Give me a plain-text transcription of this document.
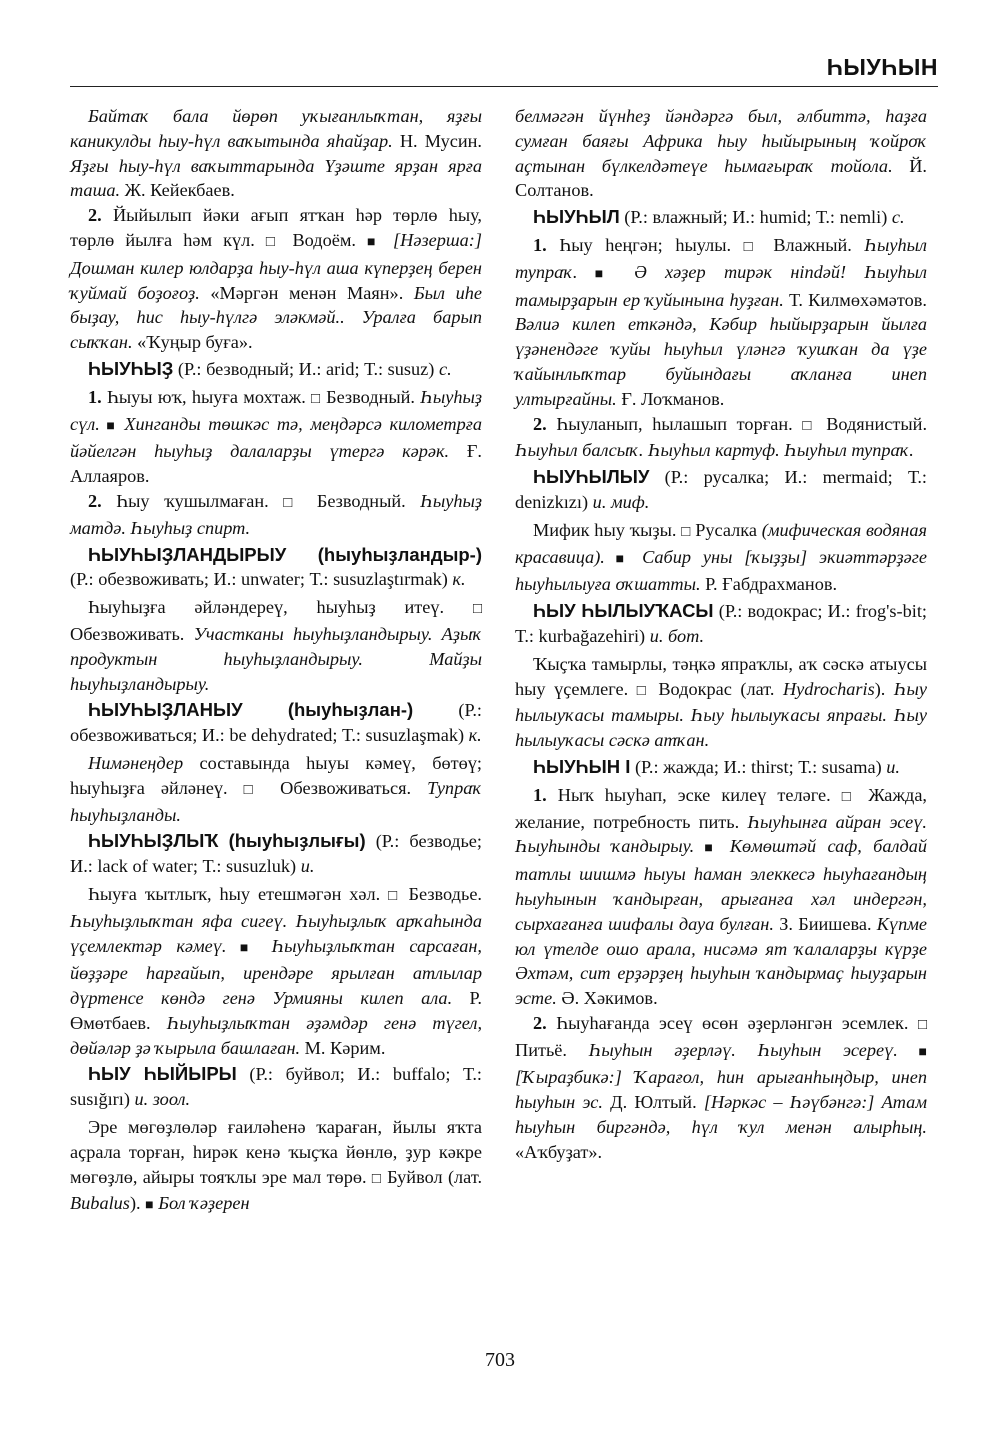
ҺЫУҺЫН

Байтаҡ бала йөрөп уҡығанлыҡтан, яҙғы каникулды һыу-һүл ваҡытында яһайҙар. Н. Мусин. Яҙғы һыу-һүл ваҡыттарында Үҙәште ярҙан ярға таша. Ж. Кейекбаев.

2. Йыйылып йәки ағып ятҡан һәр төрлө һыу, төрлө йылға һәм күл. □ Водоём. ■ [Нәзерша:] Дошман килер юлдарҙа һыу-һүл аша күперҙең берен ҡуймай боҙоғоҙ. «Мәргән менән Маян». Был иһе быҙау, һис һыу-һүлгә эләкмәй.. Уралға барып сыҡҡан. «Ҡуңыр буға».

ҺЫУҺЫҘ (Р.: безводный; И.: arid; Т.: susuz) с.

1. Һыуы юҡ, һыуға мохтаж. □ Безводный. Һыуһыҙ сүл. ■ Хинганды төшкәс тә, меңдәрсә километрға йәйелгән һыуһыҙ далаларҙы үтергә кәрәк. Ғ. Аллаяров.

2. Һыу ҡушылмаған. □ Безводный. Һыуһыҙ матдә. Һыуһыҙ спирт.

ҺЫУҺЫҘЛАНДЫРЫУ (һыуһыҙландыр-) (Р.: обезвоживать; И.: unwater; Т.: susuzlaştırmak) к.

Һыуһыҙға әйләндереү, һыуһыҙ итеү. □ Обезвоживать. Участканы һыуһыҙландырыу. Аҙыҡ продуктын һыуһыҙландырыу. Майҙы һыуһыҙландырыу.

ҺЫУҺЫҘЛАНЫУ (һыуһыҙлан-) (Р.: обезвоживаться; И.: be dehydrated; Т.: susuzlaşmak) к.

Нимәнеңдер составында һыуы кәмеү, бөтөү; һыуһыҙға әйләнеү. □ Обезвоживаться. Тупраҡ һыуһыҙланды.

ҺЫУҺЫҘЛЫҠ (һыуһыҙлығы) (Р.: безводье; И.: lack of water; Т.: susuzluk) и.

Һыуға ҡытлыҡ, һыу етешмәгән хәл. □ Безводье. Һыуһыҙлыҡтан яфа сигеү. Һыуһыҙлыҡ арҡаһында үҫемлектәр кәмеү. ■ Һыуһыҙлыҡтан сарсаған, йөҙҙәре һарғайып, ирендәре ярылған атлылар дүртенсе көндә генә Урмияны килеп ала. Р. Өмөтбаев. Һыуһыҙлыҡтан әҙәмдәр генә түгел, дөйәләр ҙә ҡырыла башлаған. М. Кәрим.

ҺЫУ ҺЫЙЫРЫ (Р.: буйвол; И.: buffalo; Т.: susığırı) и. зоол.

Эре мөгөҙлөләр ғаиләһенә ҡараған, йылы яҡта аҫрала торған, һирәк кенә ҡыҫҡа йөнлө, ҙур кәкре мөгөҙлө, айыры тояҡлы эре мал төрө. □ Буйвол (лат. Bubalus). ■ Бол ҡәҙерен

белмәгән йүнһеҙ йәндәргә был, әлбиттә, һаҙға сумған баяғы Африка һыу һыйырының ҡойроҡ аҫтынан бүлкелдәтеүе һымағыраҡ тойола. Й. Солтанов.

ҺЫУҺЫЛ (Р.: влажный; И.: humid; Т.: nemli) с.

1. Һыу һеңгән; һыулы. □ Влажный. Һыуһыл тупраҡ. ■ Ә хәҙер тирәк нindәй! Һыуһыл тамырҙарын ер ҡуйынына һуҙған. Т. Килмөхәмәтов. Вәлиә килеп еткәндә, Кәбир һыйырҙарын йылға үҙәнендәге ҡуйы һыуһыл үләнгә ҡушҡан да үҙе ҡайынлыҡтар буйындағы аҡланға инеп ултырғайны. Ғ. Лоҡманов.

2. Һыуланып, һылашып торған. □ Водянистый. Һыуһыл балсыҡ. Һыуһыл картуф. Һыуһыл тупраҡ.

ҺЫУҺЫЛЫУ (Р.: русалка; И.: mermaid; Т.: denizkızı) и. миф.

Мифик һыу ҡыҙы. □ Русалка (мифическая водяная красавица). ■ Сабир уны [ҡыҙҙы] экиәттәрҙәге һыуһылыуға оҡшатты. Р. Ғабдрахманов.

ҺЫУ ҺЫЛЫУҠАСЫ (Р.: водокрас; И.: frog's-bit; Т.: kurbağazehiri) и. бот.

Ҡыҫҡа тамырлы, тәңкә япраҡлы, аҡ сәскә атыусы һыу үҫемлеге. □ Водокрас (лат. Hydrocharis). Һыу һылыуҡасы тамыры. Һыу һылыуҡасы япрағы. Һыу һылыуҡасы сәскә атҡан.

ҺЫУҺЫН I (Р.: жажда; И.: thirst; Т.: susama) и.

1. Ныҡ һыуһап, эске килеү теләге. □ Жажда, желание, потребность пить. Һыуһынға айран эсеү. Һыуһынды ҡандырыу. ■ Көмөштәй саф, балдай татлы шишмә һыуы һаман элеккесә һыуһағандың һыуһынын ҡандырған, арығанға хәл индергән, сырхағанға шифалы дауа булған. З. Биишева. Күпме юл үтелде ошо арала, нисәмә ят ҡалаларҙы күрҙе Әхтәм, сит ерҙәрҙең һыуһын ҡандырмаҫ һыуҙарын эсте. Ә. Хәкимов.

2. Һыуһағанда эсеү өсөн әҙерләнгән эсемлек. □ Питьё. Һыуһын әҙерләү. Һыуһын эсереү. ■ [Ҡыраҙбикә:] Ҡарағол, һин арығанһыңдыр, инеп һыуһын эс. Д. Юлтый. [Нәркәс – Һәүбәнгә:] Атам һыуһын биргәндә, һүл ҡул менән алырһың. «Аҡбуҙат».

703
